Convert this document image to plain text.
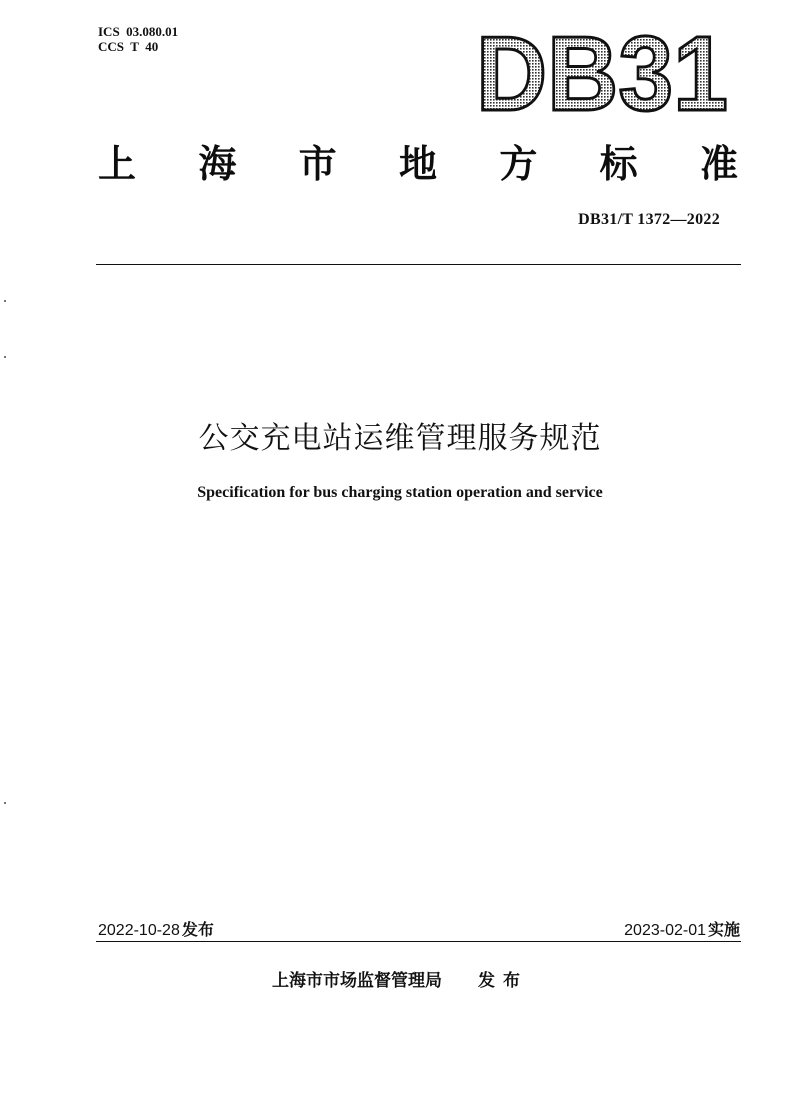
ICS  03.080.01
CCS  T  40	DB31
上 海 市 地 方 标 准
DB31/T 1372—2022
公交充电站运维管理服务规范
Specification for bus charging station operation and service
2022-10-28 发布	2023-02-01 实施
上海市市场监督管理局 发布
